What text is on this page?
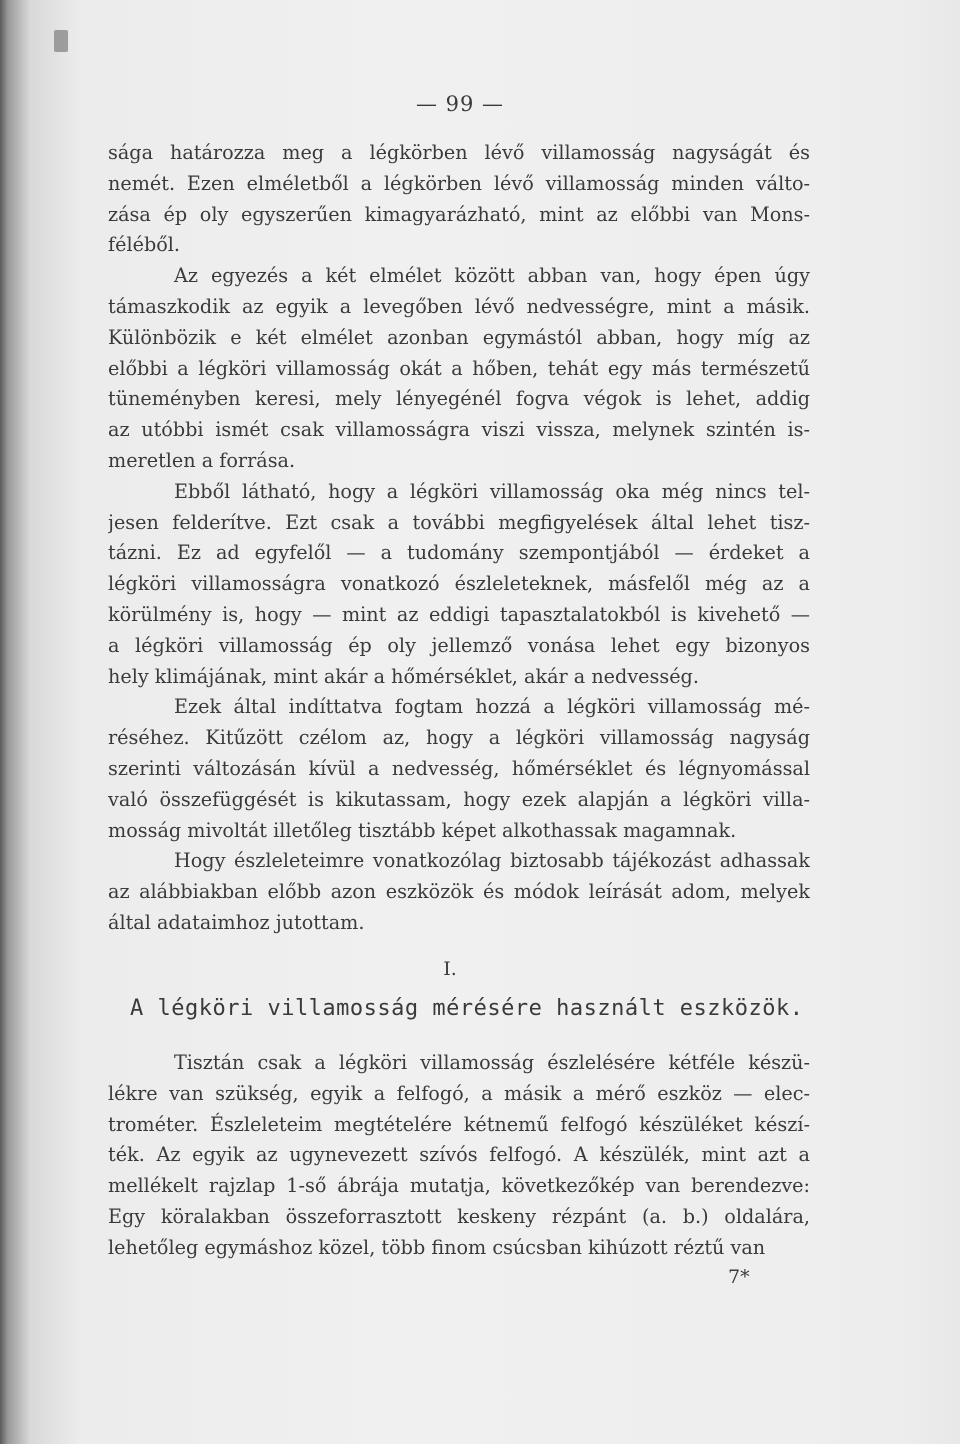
— 99 —
sága határozza meg a légkörben lévő villamosság nagyságát és
nemét. Ezen elméletből a légkörben lévő villamosság minden válto-
zása ép oly egyszerűen kimagyarázható, mint az előbbi van Mons-
féléből.
Az egyezés a két elmélet között abban van, hogy épen úgy
támaszkodik az egyik a levegőben lévő nedvességre, mint a másik.
Különbözik e két elmélet azonban egymástól abban, hogy míg az
előbbi a légköri villamosság okát a hőben, tehát egy más természetű
tüneményben keresi, mely lényegénél fogva végok is lehet, addig
az utóbbi ismét csak villamosságra viszi vissza, melynek szintén is-
meretlen a forrása.
Ebből látható, hogy a légköri villamosság oka még nincs tel-
jesen felderítve. Ezt csak a további megfigyelések által lehet tisz-
tázni. Ez ad egyfelől — a tudomány szempontjából — érdeket a
légköri villamosságra vonatkozó észleleteknek, másfelől még az a
körülmény is, hogy — mint az eddigi tapasztalatokból is kivehető —
a légköri villamosság ép oly jellemző vonása lehet egy bizonyos
hely klimájának, mint akár a hőmérséklet, akár a nedvesség.
Ezek által indíttatva fogtam hozzá a légköri villamosság mé-
réséhez. Kitűzött czélom az, hogy a légköri villamosság nagyság
szerinti változásán kívül a nedvesség, hőmérséklet és légnyomással
való összefüggését is kikutassam, hogy ezek alapján a légköri villa-
mosság mivoltát illetőleg tisztább képet alkothassak magamnak.
Hogy észleleteimre vonatkozólag biztosabb tájékozást adhassak
az alábbiakban előbb azon eszközök és módok leírását adom, melyek
által adataimhoz jutottam.
I.
A légköri villamosság mérésére használt eszközök.
Tisztán csak a légköri villamosság észlelésére kétféle készü-
lékre van szükség, egyik a felfogó, a másik a mérő eszköz — elec-
trométer. Észleleteim megtételére kétnemű felfogó készüléket készí-
ték. Az egyik az ugynevezett szívós felfogó. A készülék, mint azt a
mellékelt rajzlap 1-ső ábrája mutatja, következőkép van berendezve:
Egy köralakban összeforrasztott keskeny rézpánt (a. b.) oldalára,
lehetőleg egymáshoz közel, több finom csúcsban kihúzott réztű van
7*
